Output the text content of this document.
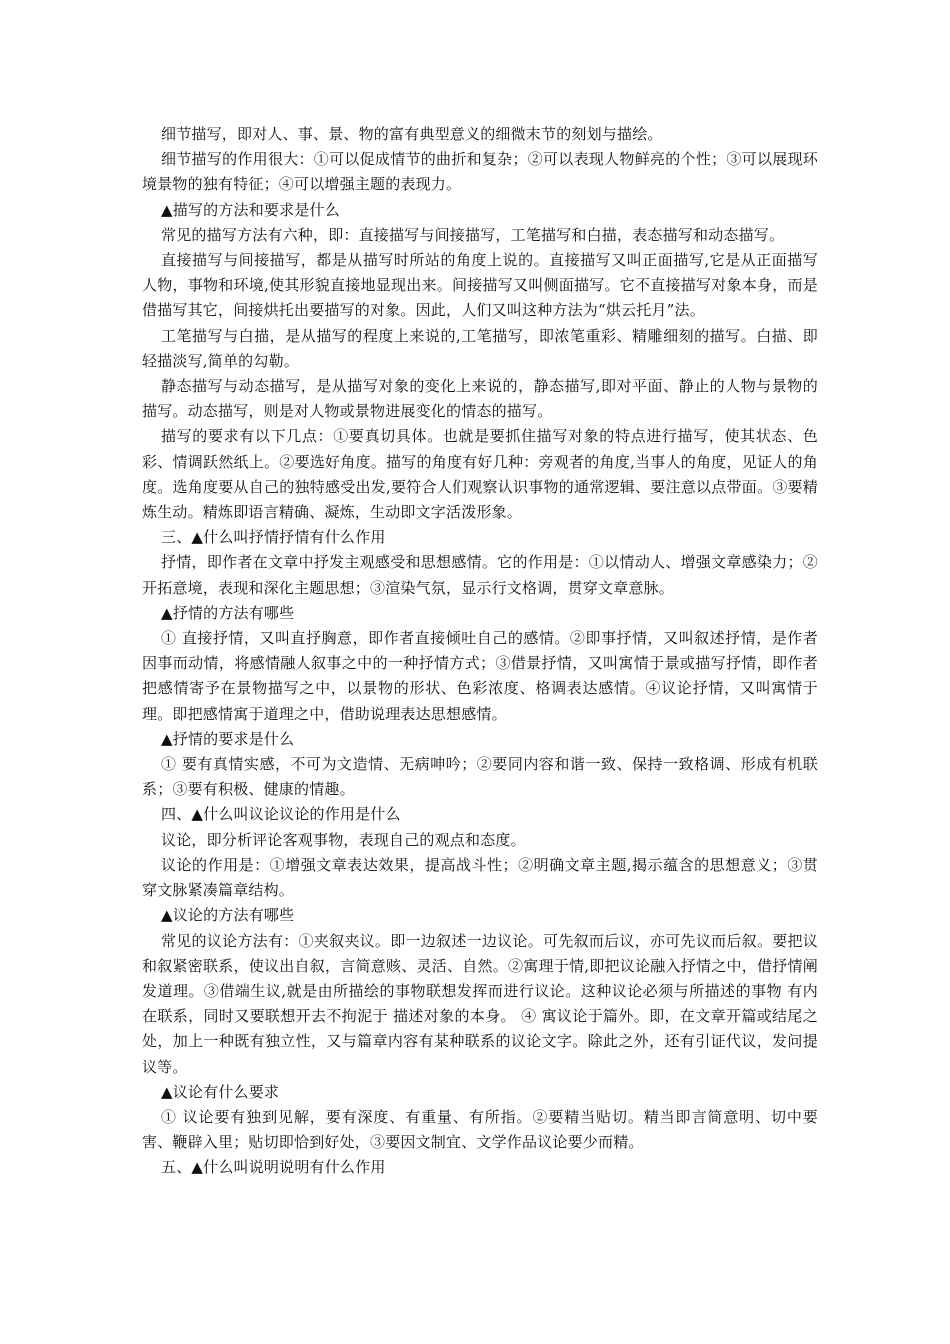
细节描写，即对人、事、景、物的富有典型意义的细微末节的刻划与描绘。

细节描写的作用很大：①可以促成情节的曲折和复杂；②可以表现人物鲜亮的个性；③可以展现环境景物的独有特征；④可以增强主题的表现力。

▲描写的方法和要求是什么

常见的描写方法有六种，即：直接描写与间接描写，工笔描写和白描，表态描写和动态描写。

直接描写与间接描写，都是从描写时所站的角度上说的。直接描写又叫正面描写,它是从正面描写人物，事物和环境,使其形貌直接地显现出来。间接描写又叫侧面描写。它不直接描写对象本身，而是借描写其它，间接烘托出要描写的对象。因此，人们又叫这种方法为“烘云托月”法。

工笔描写与白描，是从描写的程度上来说的,工笔描写，即浓笔重彩、精雕细刻的描写。白描、即轻描淡写,简单的勾勒。

静态描写与动态描写，是从描写对象的变化上来说的，静态描写,即对平面、静止的人物与景物的描写。动态描写，则是对人物或景物进展变化的情态的描写。

描写的要求有以下几点：①要真切具体。也就是要抓住描写对象的特点进行描写，使其状态、色彩、情调跃然纸上。②要选好角度。描写的角度有好几种：旁观者的角度,当事人的角度，见证人的角度。选角度要从自己的独特感受出发,要符合人们观察认识事物的通常逻辑、要注意以点带面。③要精炼生动。精炼即语言精确、凝炼，生动即文字活泼形象。

三、▲什么叫抒情抒情有什么作用

抒情，即作者在文章中抒发主观感受和思想感情。它的作用是：①以情动人、增强文章感染力；②开拓意境，表现和深化主题思想；③渲染气氛，显示行文格调，贯穿文章意脉。

▲抒情的方法有哪些

① 直接抒情，又叫直抒胸意，即作者直接倾吐自己的感情。②即事抒情，又叫叙述抒情，是作者因事而动情，将感情融人叙事之中的一种抒情方式；③借景抒情，又叫寓情于景或描写抒情，即作者把感情寄予在景物描写之中，以景物的形状、色彩浓度、格调表达感情。④议论抒情，又叫寓情于理。即把感情寓于道理之中，借助说理表达思想感情。

▲抒情的要求是什么

① 要有真情实感，不可为文造情、无病呻吟；②要同内容和谐一致、保持一致格调、形成有机联系；③要有积极、健康的情趣。

四、▲什么叫议论议论的作用是什么

议论，即分析评论客观事物，表现自己的观点和态度。

议论的作用是：①增强文章表达效果，提高战斗性；②明确文章主题,揭示蕴含的思想意义；③贯穿文脉紧凑篇章结构。

▲议论的方法有哪些

常见的议论方法有：①夹叙夹议。即一边叙述一边议论。可先叙而后议，亦可先议而后叙。要把议和叙紧密联系，使议出自叙，言简意赅、灵活、自然。②寓理于情,即把议论融入抒情之中，借抒情阐发道理。③借端生议,就是由所描绘的事物联想发挥而进行议论。这种议论必须与所描述的事物 有内在联系，同时又要联想开去不拘泥于 描述对象的本身。 ④ 寓议论于篇外。即，在文章开篇或结尾之处，加上一种既有独立性，又与篇章内容有某种联系的议论文字。除此之外，还有引证代议，发问提议等。

▲议论有什么要求

① 议论要有独到见解，要有深度、有重量、有所指。②要精当贴切。精当即言简意明、切中要害、鞭辟入里；贴切即恰到好处，③要因文制宜、文学作品议论要少而精。

五、▲什么叫说明说明有什么作用
